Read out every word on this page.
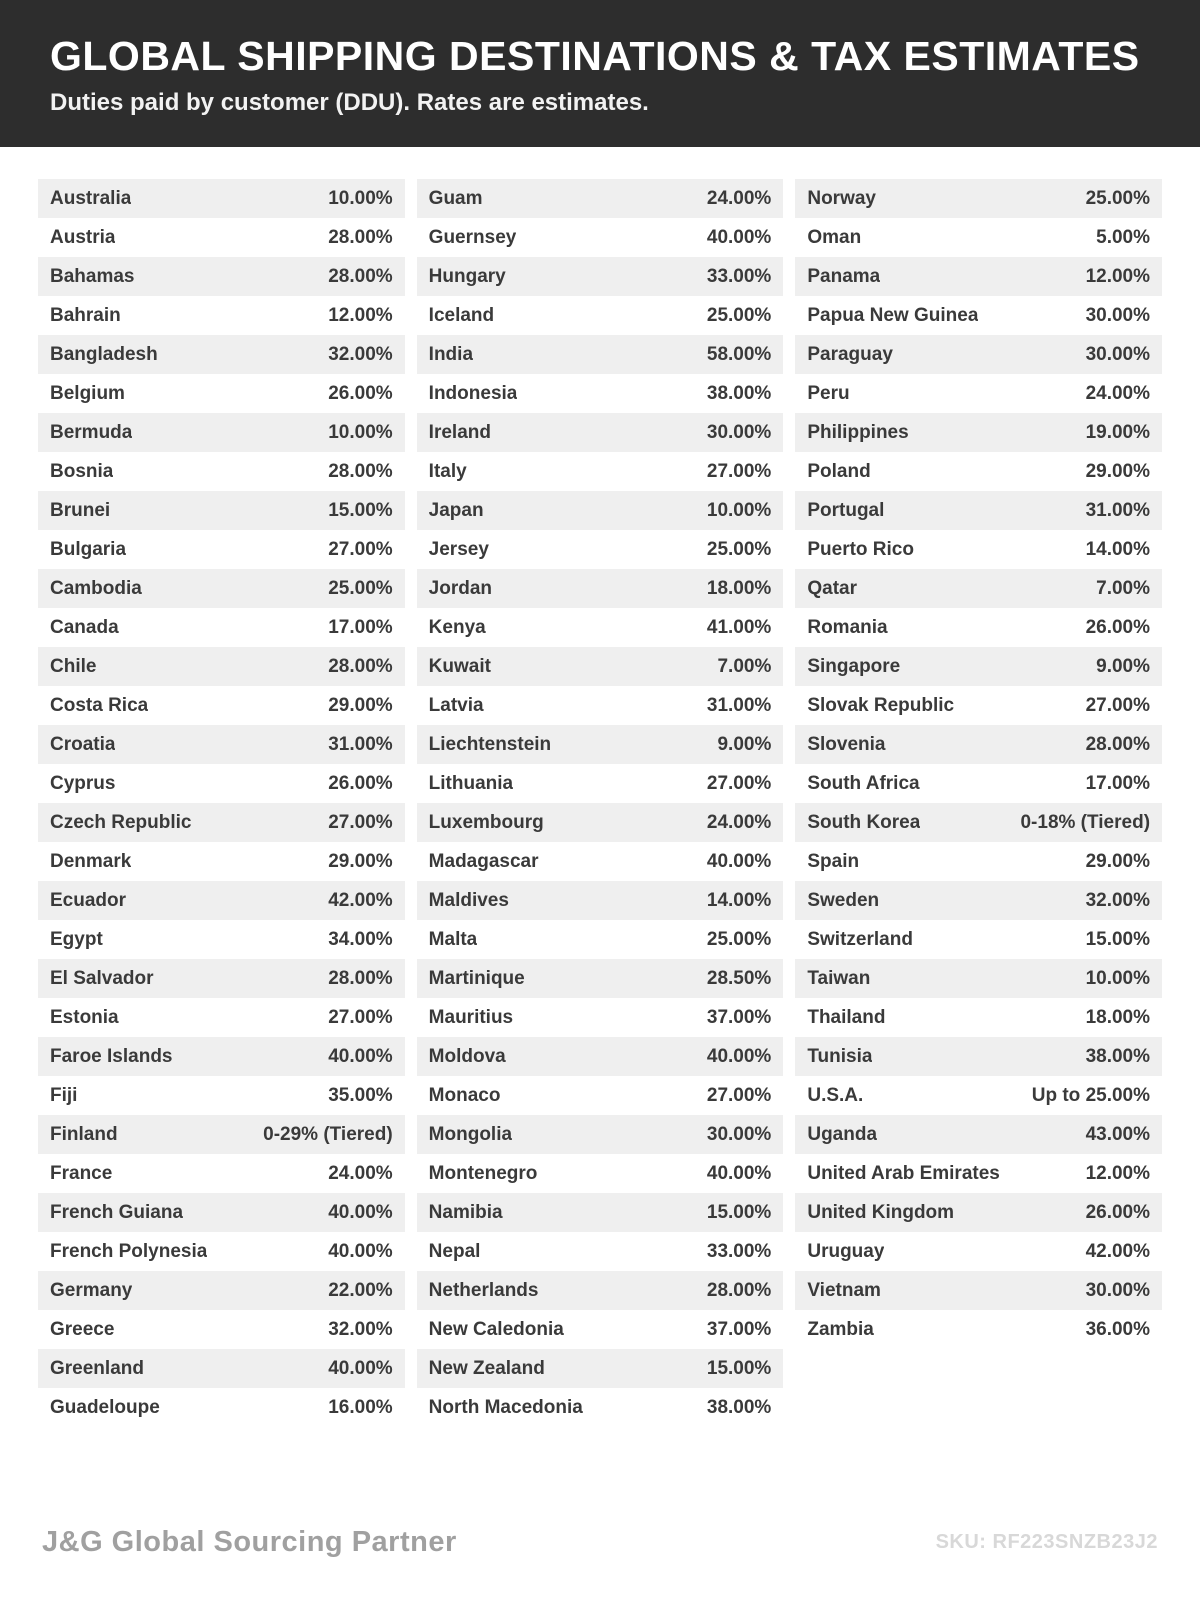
GLOBAL SHIPPING DESTINATIONS & TAX ESTIMATES
Duties paid by customer (DDU). Rates are estimates.
Australia	10.00%
Austria	28.00%
Bahamas	28.00%
Bahrain	12.00%
Bangladesh	32.00%
Belgium	26.00%
Bermuda	10.00%
Bosnia	28.00%
Brunei	15.00%
Bulgaria	27.00%
Cambodia	25.00%
Canada	17.00%
Chile	28.00%
Costa Rica	29.00%
Croatia	31.00%
Cyprus	26.00%
Czech Republic	27.00%
Denmark	29.00%
Ecuador	42.00%
Egypt	34.00%
El Salvador	28.00%
Estonia	27.00%
Faroe Islands	40.00%
Fiji	35.00%
Finland	0-29% (Tiered)
France	24.00%
French Guiana	40.00%
French Polynesia	40.00%
Germany	22.00%
Greece	32.00%
Greenland	40.00%
Guadeloupe	16.00%
Guam	24.00%
Guernsey	40.00%
Hungary	33.00%
Iceland	25.00%
India	58.00%
Indonesia	38.00%
Ireland	30.00%
Italy	27.00%
Japan	10.00%
Jersey	25.00%
Jordan	18.00%
Kenya	41.00%
Kuwait	7.00%
Latvia	31.00%
Liechtenstein	9.00%
Lithuania	27.00%
Luxembourg	24.00%
Madagascar	40.00%
Maldives	14.00%
Malta	25.00%
Martinique	28.50%
Mauritius	37.00%
Moldova	40.00%
Monaco	27.00%
Mongolia	30.00%
Montenegro	40.00%
Namibia	15.00%
Nepal	33.00%
Netherlands	28.00%
New Caledonia	37.00%
New Zealand	15.00%
North Macedonia	38.00%
Norway	25.00%
Oman	5.00%
Panama	12.00%
Papua New Guinea	30.00%
Paraguay	30.00%
Peru	24.00%
Philippines	19.00%
Poland	29.00%
Portugal	31.00%
Puerto Rico	14.00%
Qatar	7.00%
Romania	26.00%
Singapore	9.00%
Slovak Republic	27.00%
Slovenia	28.00%
South Africa	17.00%
South Korea	0-18% (Tiered)
Spain	29.00%
Sweden	32.00%
Switzerland	15.00%
Taiwan	10.00%
Thailand	18.00%
Tunisia	38.00%
U.S.A.	Up to 25.00%
Uganda	43.00%
United Arab Emirates	12.00%
United Kingdom	26.00%
Uruguay	42.00%
Vietnam	30.00%
Zambia	36.00%
J&G Global Sourcing Partner	SKU: RF223SNZB23J2
